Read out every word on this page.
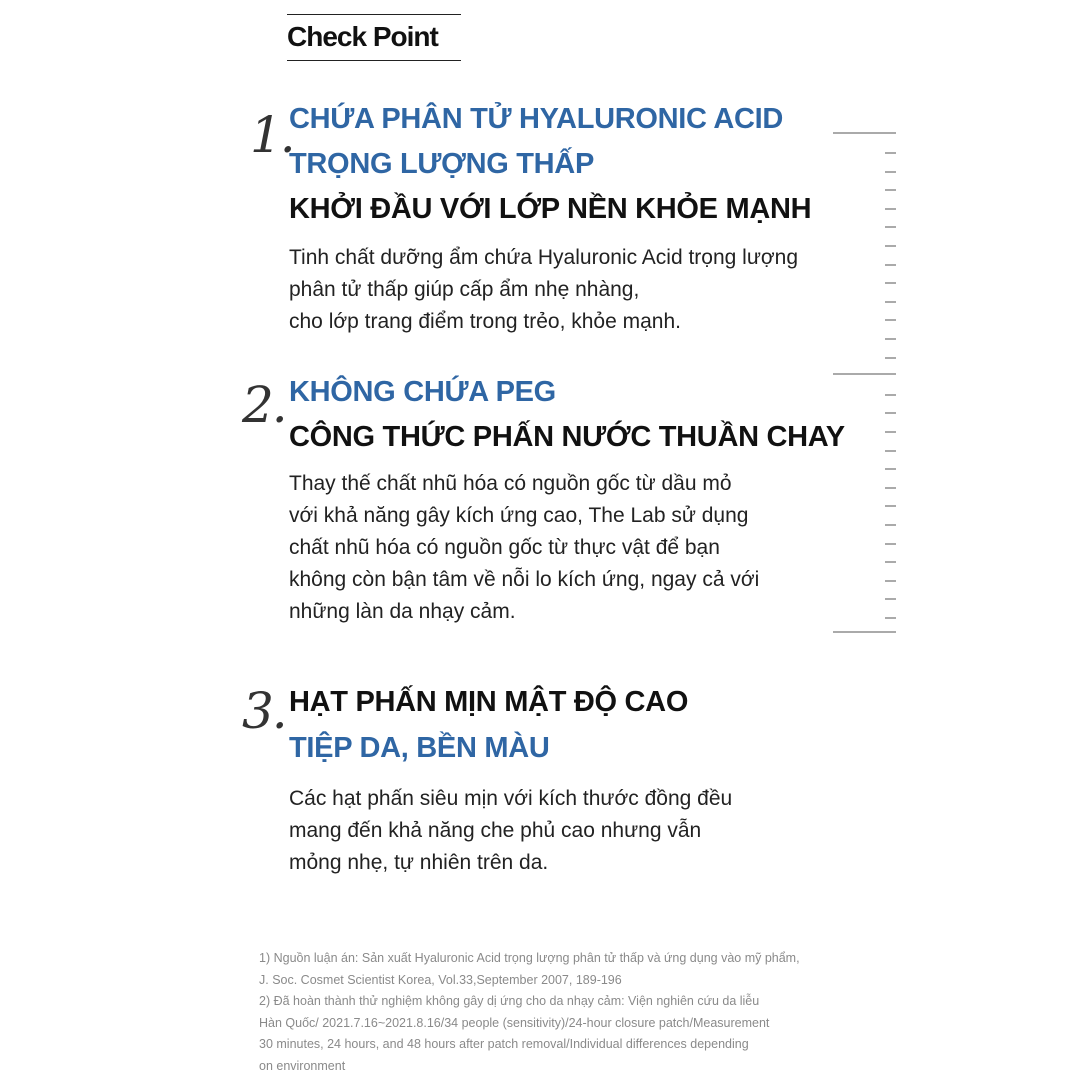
Check Point
1.
CHỨA PHÂN TỬ HYALURONIC ACID
TRỌNG LƯỢNG THẤP
KHỞI ĐẦU VỚI LỚP NỀN KHỎE MẠNH
Tinh chất dưỡng ẩm chứa Hyaluronic Acid trọng lượng
phân tử thấp giúp cấp ẩm nhẹ nhàng,
cho lớp trang điểm trong trẻo, khỏe mạnh.
2. KHÔNG CHỨA PEG
CÔNG THỨC PHẤN NƯỚC THUẦN CHAY
Thay thế chất nhũ hóa có nguồn gốc từ dầu mỏ
với khả năng gây kích ứng cao, The Lab sử dụng
chất nhũ hóa có nguồn gốc từ thực vật để bạn
không còn bận tâm về nỗi lo kích ứng, ngay cả với
những làn da nhạy cảm.
3. HẠT PHẤN MỊN MẬT ĐỘ CAO
TIỆP DA, BỀN MÀU
Các hạt phấn siêu mịn với kích thước đồng đều
mang đến khả năng che phủ cao nhưng vẫn
mỏng nhẹ, tự nhiên trên da.
1) Nguồn luận án: Sản xuất Hyaluronic Acid trọng lượng phân tử thấp và ứng dụng vào mỹ phẩm,
J. Soc. Cosmet Scientist Korea, Vol.33,September 2007, 189-196
2) Đã hoàn thành thử nghiệm không gây dị ứng cho da nhạy cảm: Viện nghiên cứu da liễu
Hàn Quốc/ 2021.7.16~2021.8.16/34 people (sensitivity)/24-hour closure patch/Measurement
30 minutes, 24 hours, and 48 hours after patch removal/Individual differences depending
on environment
